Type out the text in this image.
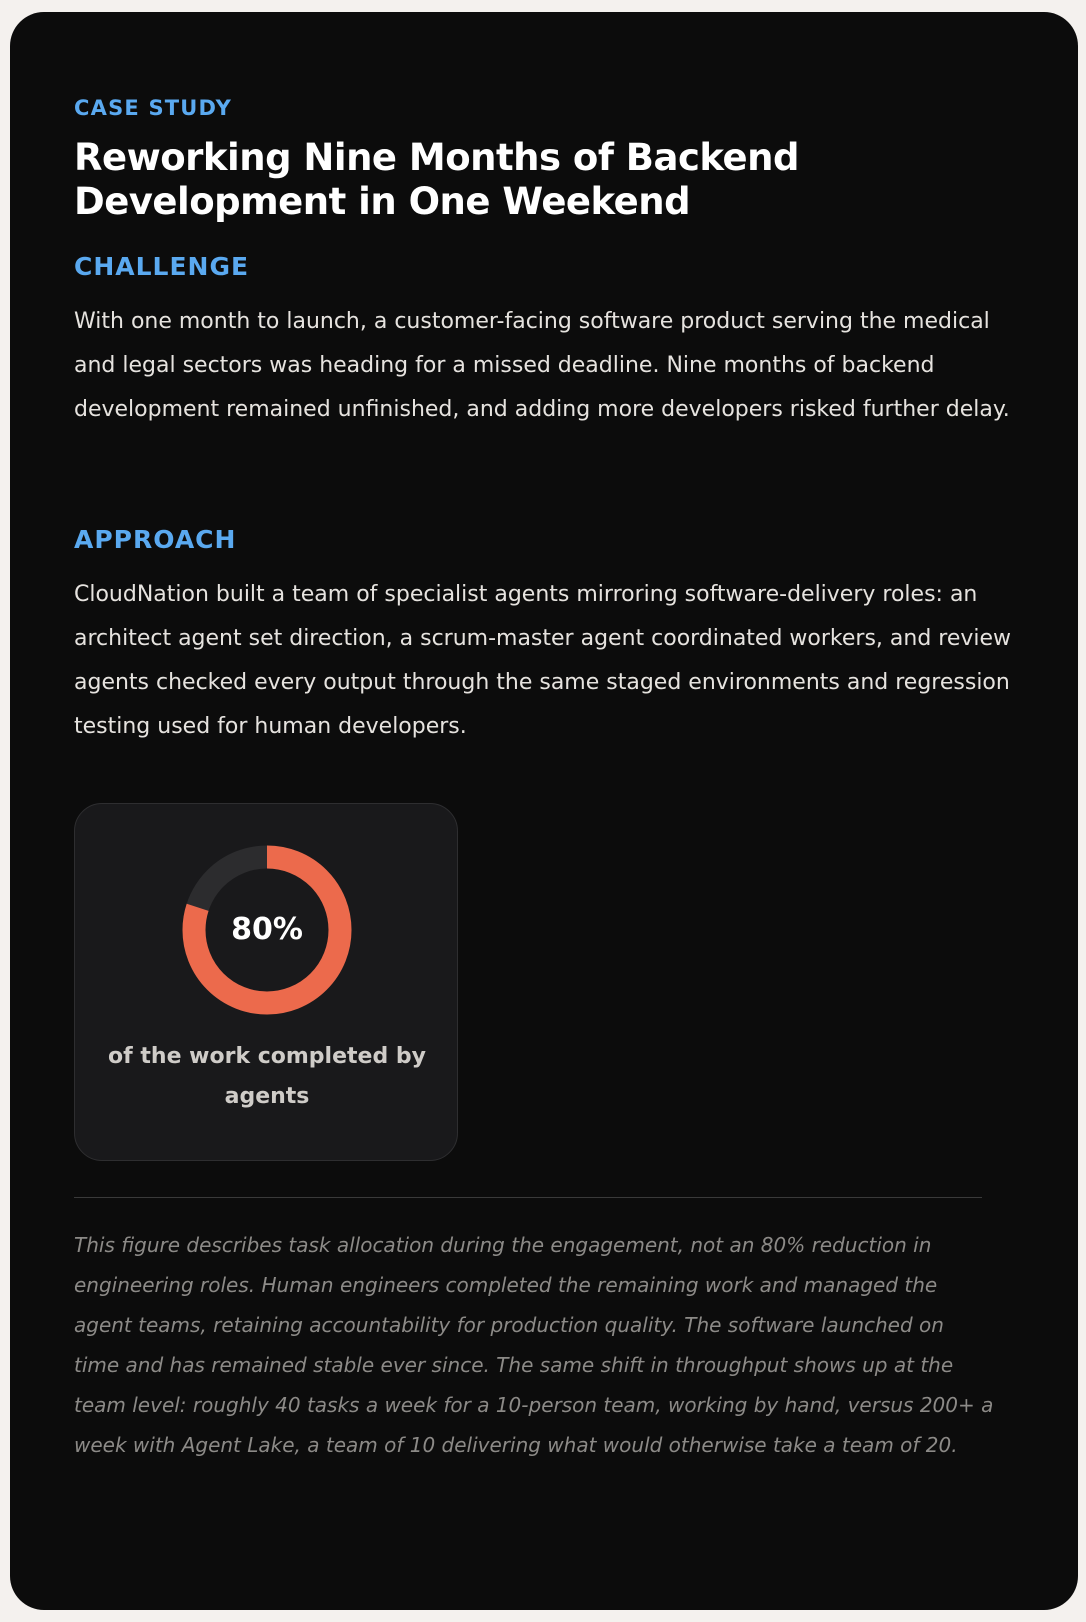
CASE STUDY

Reworking Nine Months of Backend Development in One Weekend
CHALLENGE

With one month to launch, a customer-facing software product serving the medical and legal sectors was heading for a missed deadline. Nine months of backend development remained unfinished, and adding more developers risked further delay.

APPROACH

CloudNation built a team of specialist agents mirroring software-delivery roles: an architect agent set direction, a scrum-master agent coordinated workers, and review agents checked every output through the same staged environments and regression testing used for human developers.

80%

of the work completed by agents

This figure describes task allocation during the engagement, not an 80% reduction in engineering roles. Human engineers completed the remaining work and managed the agent teams, retaining accountability for production quality. The software launched on time and has remained stable ever since. The same shift in throughput shows up at the team level: roughly 40 tasks a week for a 10-person team, working by hand, versus 200+ a week with Agent Lake, a team of 10 delivering what would otherwise take a team of 20.
